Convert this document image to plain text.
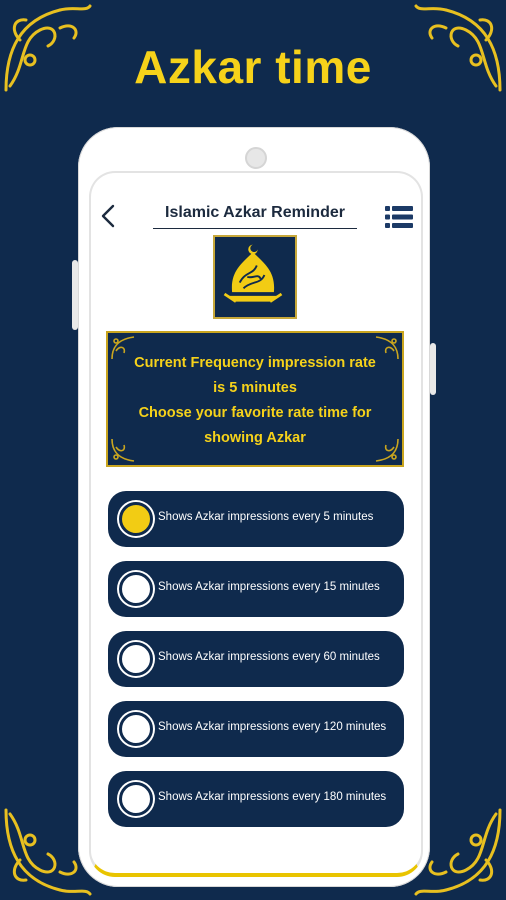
Azkar time
Islamic Azkar Reminder
Current Frequency impression rate
is 5 minutes
Choose your favorite rate time for
showing Azkar
Shows Azkar impressions every 5 minutes
Shows Azkar impressions every 15 minutes
Shows Azkar impressions every 60 minutes
Shows Azkar impressions every 120 minutes
Shows Azkar impressions every 180 minutes
